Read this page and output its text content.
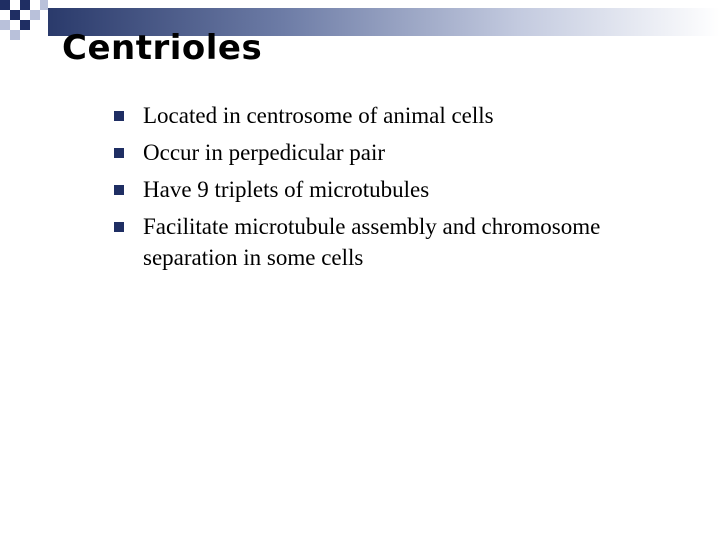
Centrioles
Located in centrosome of animal cells
Occur in perpedicular pair
Have 9 triplets of microtubules
Facilitate microtubule assembly and chromosome separation in some cells
